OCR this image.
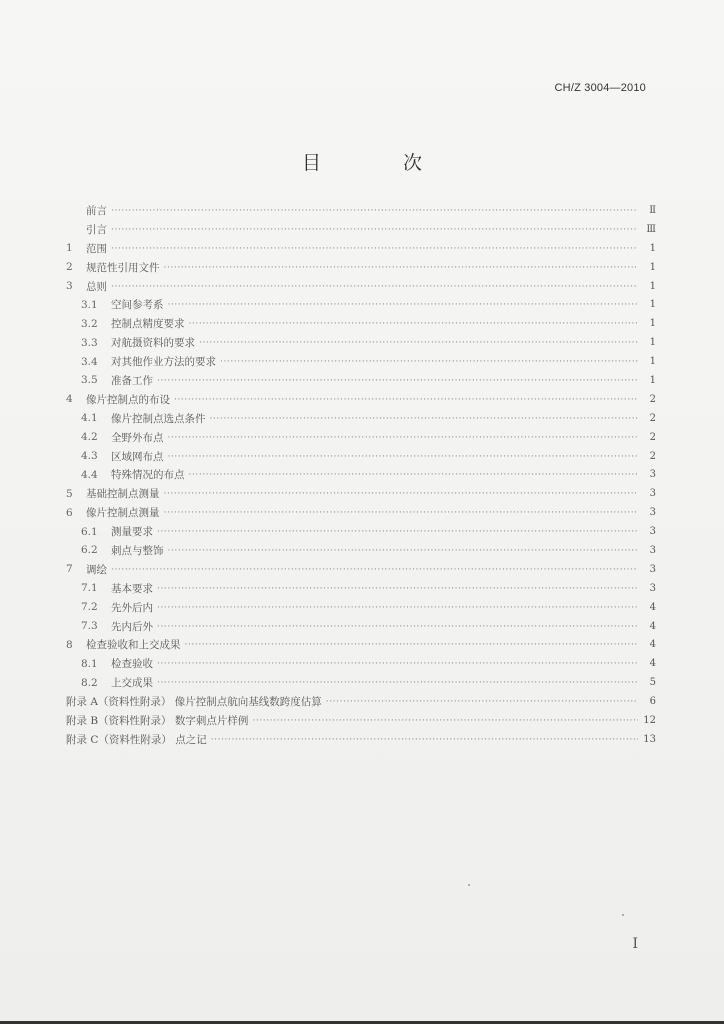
CH/Z 3004—2010
目 次
前言 ·····	Ⅱ
引言 ·····	Ⅲ
1	范围 ·····	1
2	规范性引用文件 ·····	1
3	总则 ·····	1
3.1	空间参考系 ·····	1
3.2	控制点精度要求 ·····	1
3.3	对航摄资料的要求 ·····	1
3.4	对其他作业方法的要求 ·····	1
3.5	准备工作 ·····	1
4	像片控制点的布设 ·····	2
4.1	像片控制点选点条件 ·····	2
4.2	全野外布点 ·····	2
4.3	区域网布点 ·····	2
4.4	特殊情况的布点 ·····	3
5	基础控制点测量 ·····	3
6	像片控制点测量 ·····	3
6.1	测量要求 ·····	3
6.2	刺点与整饰 ·····	3
7	调绘 ·····	3
7.1	基本要求 ·····	3
7.2	先外后内 ·····	4
7.3	先内后外 ·····	4
8	检查验收和上交成果 ·····	4
8.1	检查验收 ·····	4
8.2	上交成果 ·····	5
附录 A（资料性附录） 像片控制点航向基线数跨度估算 ·····	6
附录 B（资料性附录） 数字刺点片样例 ·····	12
附录 C（资料性附录） 点之记 ·····	13
I
